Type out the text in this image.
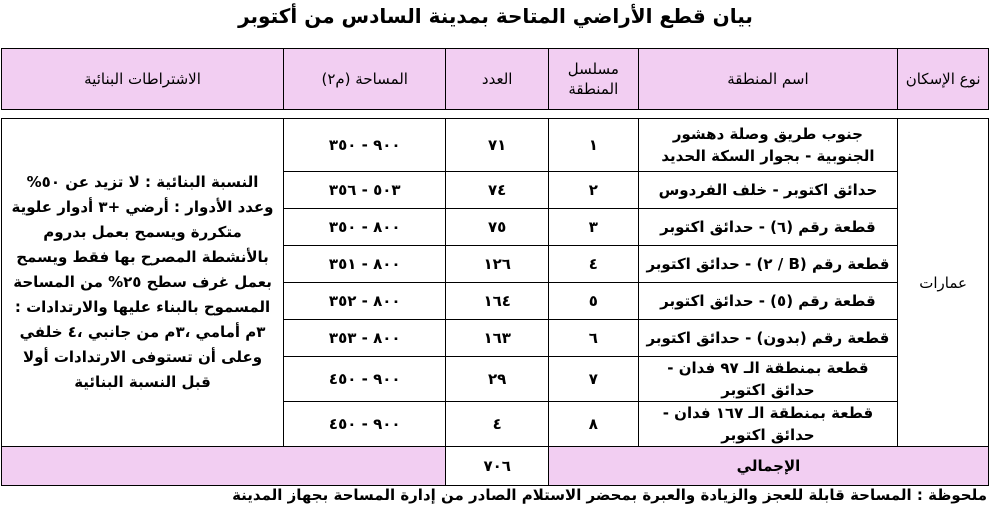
بيان قطع الأراضي المتاحة بمدينة السادس من أكتوبر
نوع الإسكان	اسم المنطقة	مسلسل المنطقة	العدد	المساحة (م٢)	الاشتراطات البنائية

عمارات	جنوب طريق وصلة دهشور الجنوبية - بجوار السكة الحديد	١	٧١	٩٠٠ - ٣٥٠	النسبة البنائية : لا تزيد عن ٥٠% وعدد الأدوار : أرضي +٣ أدوار علوية متكررة ويسمح بعمل بدروم بالأنشطة المصرح بها فقط ويسمح بعمل غرف سطح ٢٥% من المساحة المسموح بالبناء عليها والارتدادات : ٣م أمامي ،٣م من جانبي ،٤ خلفي وعلى أن تستوفى الارتدادات أولا قبل النسبة البنائية
	حدائق اكتوبر - خلف الفردوس	٢	٧٤	٥٠٣ - ٣٥٦	
	قطعة رقم (٦) - حدائق اكتوبر	٣	٧٥	٨٠٠ - ٣٥٠	
	قطعة رقم (B / ٢) - حدائق اكتوبر	٤	١٢٦	٨٠٠ - ٣٥١	
	قطعة رقم (٥) - حدائق اكتوبر	٥	١٦٤	٨٠٠ - ٣٥٢	
	قطعة رقم (بدون) - حدائق اكتوبر	٦	١٦٣	٨٠٠ - ٣٥٣	
	قطعة بمنطقة الـ ٩٧ فدان - حدائق اكتوبر	٧	٢٩	٩٠٠ - ٤٥٠	
	قطعة بمنطقة الـ ١٦٧ فدان - حدائق اكتوبر	٨	٤	٩٠٠ - ٤٥٠	
الإجمالي			٧٠٦		
ملحوظة : المساحة قابلة للعجز والزيادة والعبرة بمحضر الاستلام الصادر من إدارة المساحة بجهاز المدينة
